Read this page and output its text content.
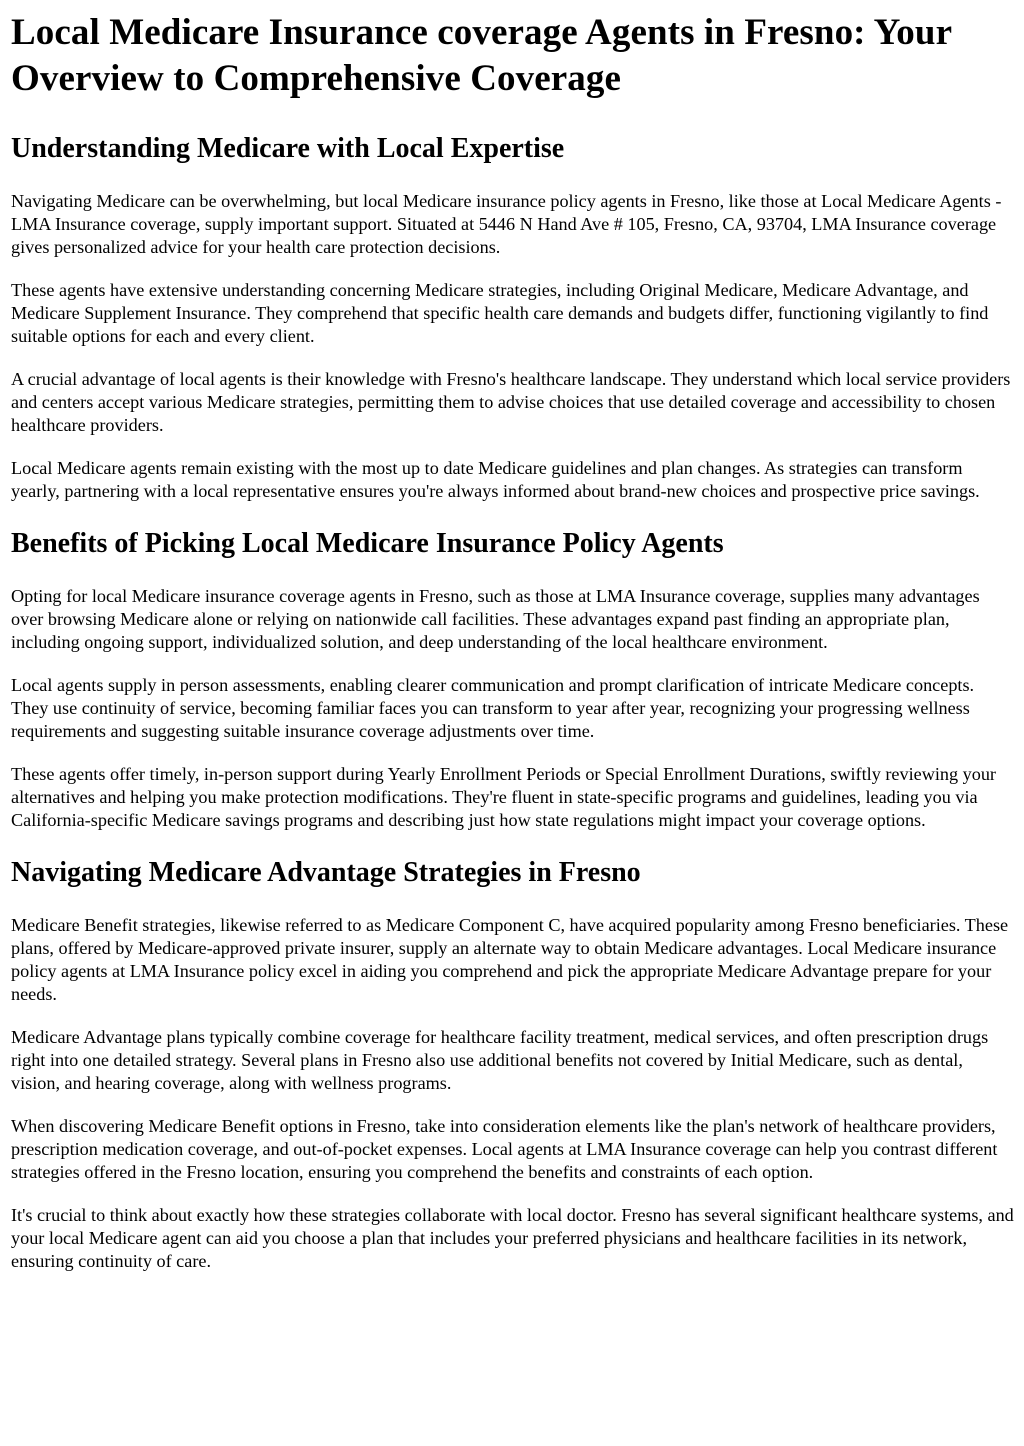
Local Medicare Insurance coverage Agents in Fresno: Your Overview to Comprehensive Coverage
Understanding Medicare with Local Expertise

Navigating Medicare can be overwhelming, but local Medicare insurance policy agents in Fresno, like those at Local Medicare Agents - LMA Insurance coverage, supply important support. Situated at 5446 N Hand Ave # 105, Fresno, CA, 93704, LMA Insurance coverage gives personalized advice for your health care protection decisions.

These agents have extensive understanding concerning Medicare strategies, including Original Medicare, Medicare Advantage, and Medicare Supplement Insurance. They comprehend that specific health care demands and budgets differ, functioning vigilantly to find suitable options for each and every client.

A crucial advantage of local agents is their knowledge with Fresno's healthcare landscape. They understand which local service providers and centers accept various Medicare strategies, permitting them to advise choices that use detailed coverage and accessibility to chosen healthcare providers.

Local Medicare agents remain existing with the most up to date Medicare guidelines and plan changes. As strategies can transform yearly, partnering with a local representative ensures you're always informed about brand-new choices and prospective price savings.

Benefits of Picking Local Medicare Insurance Policy Agents

Opting for local Medicare insurance coverage agents in Fresno, such as those at LMA Insurance coverage, supplies many advantages over browsing Medicare alone or relying on nationwide call facilities. These advantages expand past finding an appropriate plan, including ongoing support, individualized solution, and deep understanding of the local healthcare environment.

Local agents supply in person assessments, enabling clearer communication and prompt clarification of intricate Medicare concepts. They use continuity of service, becoming familiar faces you can transform to year after year, recognizing your progressing wellness requirements and suggesting suitable insurance coverage adjustments over time.

These agents offer timely, in-person support during Yearly Enrollment Periods or Special Enrollment Durations, swiftly reviewing your alternatives and helping you make protection modifications. They're fluent in state-specific programs and guidelines, leading you via California-specific Medicare savings programs and describing just how state regulations might impact your coverage options.

Navigating Medicare Advantage Strategies in Fresno

Medicare Benefit strategies, likewise referred to as Medicare Component C, have acquired popularity among Fresno beneficiaries. These plans, offered by Medicare-approved private insurer, supply an alternate way to obtain Medicare advantages. Local Medicare insurance policy agents at LMA Insurance policy excel in aiding you comprehend and pick the appropriate Medicare Advantage prepare for your needs.

Medicare Advantage plans typically combine coverage for healthcare facility treatment, medical services, and often prescription drugs right into one detailed strategy. Several plans in Fresno also use additional benefits not covered by Initial Medicare, such as dental, vision, and hearing coverage, along with wellness programs.

When discovering Medicare Benefit options in Fresno, take into consideration elements like the plan's network of healthcare providers, prescription medication coverage, and out-of-pocket expenses. Local agents at LMA Insurance coverage can help you contrast different strategies offered in the Fresno location, ensuring you comprehend the benefits and constraints of each option.

It's crucial to think about exactly how these strategies collaborate with local doctor. Fresno has several significant healthcare systems, and your local Medicare agent can aid you choose a plan that includes your preferred physicians and healthcare facilities in its network, ensuring continuity of care.
